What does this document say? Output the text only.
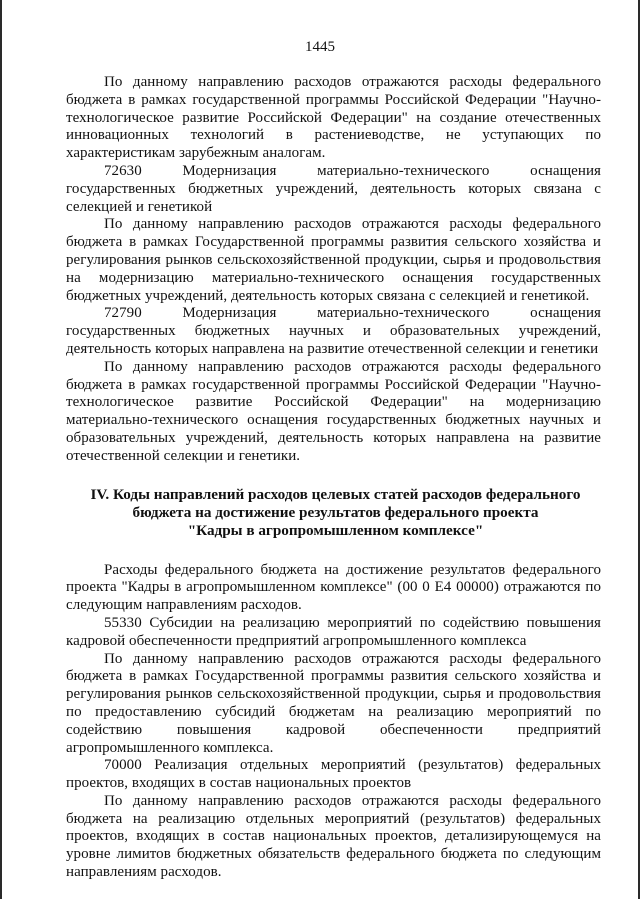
1445

По данному направлению расходов отражаются расходы федерального бюджета в рамках государственной программы Российской Федерации "Научно-технологическое развитие Российской Федерации" на создание отечественных инновационных технологий в растениеводстве, не уступающих по характеристикам зарубежным аналогам.

72630 Модернизация материально-технического оснащения государственных бюджетных учреждений, деятельность которых связана с селекцией и генетикой

По данному направлению расходов отражаются расходы федерального бюджета в рамках Государственной программы развития сельского хозяйства и регулирования рынков сельскохозяйственной продукции, сырья и продовольствия на модернизацию материально-технического оснащения государственных бюджетных учреждений, деятельность которых связана с селекцией и генетикой.

72790 Модернизация материально-технического оснащения государственных бюджетных научных и образовательных учреждений, деятельность которых направлена на развитие отечественной селекции и генетики

По данному направлению расходов отражаются расходы федерального бюджета в рамках государственной программы Российской Федерации "Научно-технологическое развитие Российской Федерации" на модернизацию материально-технического оснащения государственных бюджетных научных и образовательных учреждений, деятельность которых направлена на развитие отечественной селекции и генетики.

IV. Коды направлений расходов целевых статей расходов федерального
бюджета на достижение результатов федерального проекта
"Кадры в агропромышленном комплексе"

Расходы федерального бюджета на достижение результатов федерального проекта "Кадры в агропромышленном комплексе" (00 0 Е4 00000) отражаются по следующим направлениям расходов.

55330 Субсидии на реализацию мероприятий по содействию повышения кадровой обеспеченности предприятий агропромышленного комплекса

По данному направлению расходов отражаются расходы федерального бюджета в рамках Государственной программы развития сельского хозяйства и регулирования рынков сельскохозяйственной продукции, сырья и продовольствия по предоставлению субсидий бюджетам на реализацию мероприятий по содействию повышения кадровой обеспеченности предприятий агропромышленного комплекса.

70000 Реализация отдельных мероприятий (результатов) федеральных проектов, входящих в состав национальных проектов

По данному направлению расходов отражаются расходы федерального бюджета на реализацию отдельных мероприятий (результатов) федеральных проектов, входящих в состав национальных проектов, детализирующемуся на уровне лимитов бюджетных обязательств федерального бюджета по следующим направлениям расходов.
